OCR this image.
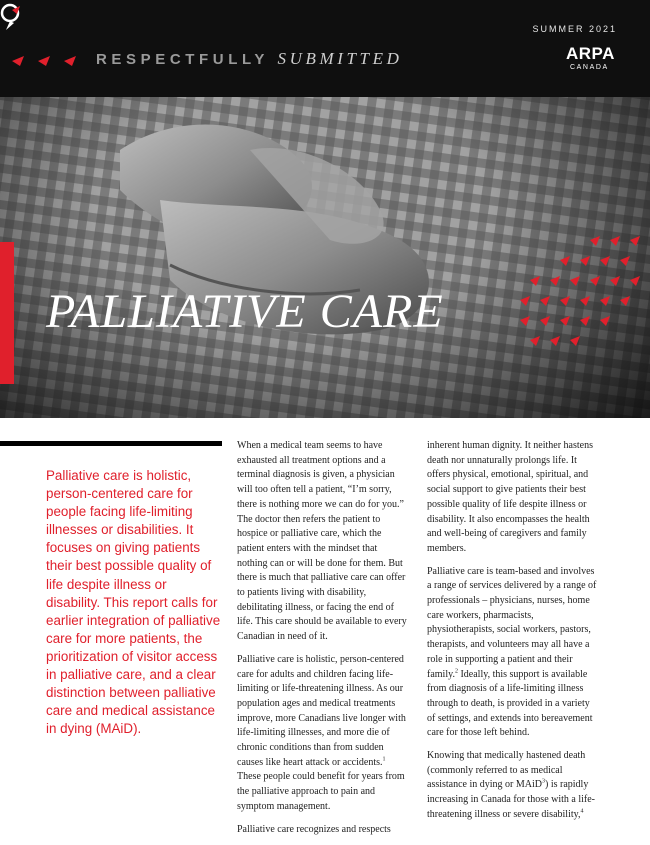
RESPECTFULLY SUBMITTED
SUMMER 2021
ARPA
CANADA
PALLIATIVE CARE

Palliative care is holistic, person-centered care for people facing life-limiting illnesses or disabilities. It focuses on giving patients their best possible quality of life despite illness or disability. This report calls for earlier integration of palliative care for more patients, the prioritization of visitor access in palliative care, and a clear distinction between palliative care and medical assistance in dying (MAiD).

When a medical team seems to have exhausted all treatment options and a terminal diagnosis is given, a physician will too often tell a patient, “I’m sorry, there is nothing more we can do for you.” The doctor then refers the patient to hospice or palliative care, which the patient enters with the mindset that nothing can or will be done for them. But there is much that palliative care can offer to patients living with disability, debilitating illness, or facing the end of life. This care should be available to every Canadian in need of it.

Palliative care is holistic, person-centered care for adults and children facing life-limiting or life-threatening illness. As our population ages and medical treatments improve, more Canadians live longer with life-limiting illnesses, and more die of chronic conditions than from sudden causes like heart attack or accidents.$^1$ These people could benefit for years from the palliative approach to pain and symptom management.

Palliative care recognizes and respects

inherent human dignity. It neither hastens death nor unnaturally prolongs life. It offers physical, emotional, spiritual, and social support to give patients their best possible quality of life despite illness or disability. It also encompasses the health and well-being of caregivers and family members.

Palliative care is team-based and involves a range of services delivered by a range of professionals – physicians, nurses, home care workers, pharmacists, physiotherapists, social workers, pastors, therapists, and volunteers may all have a role in supporting a patient and their family.$^2$ Ideally, this support is available from diagnosis of a life-limiting illness through to death, is provided in a variety of settings, and extends into bereavement care for those left behind.

Knowing that medically hastened death (commonly referred to as medical assistance in dying or MAiD$^3$) is rapidly increasing in Canada for those with a life-threatening illness or severe disability,$^4$
